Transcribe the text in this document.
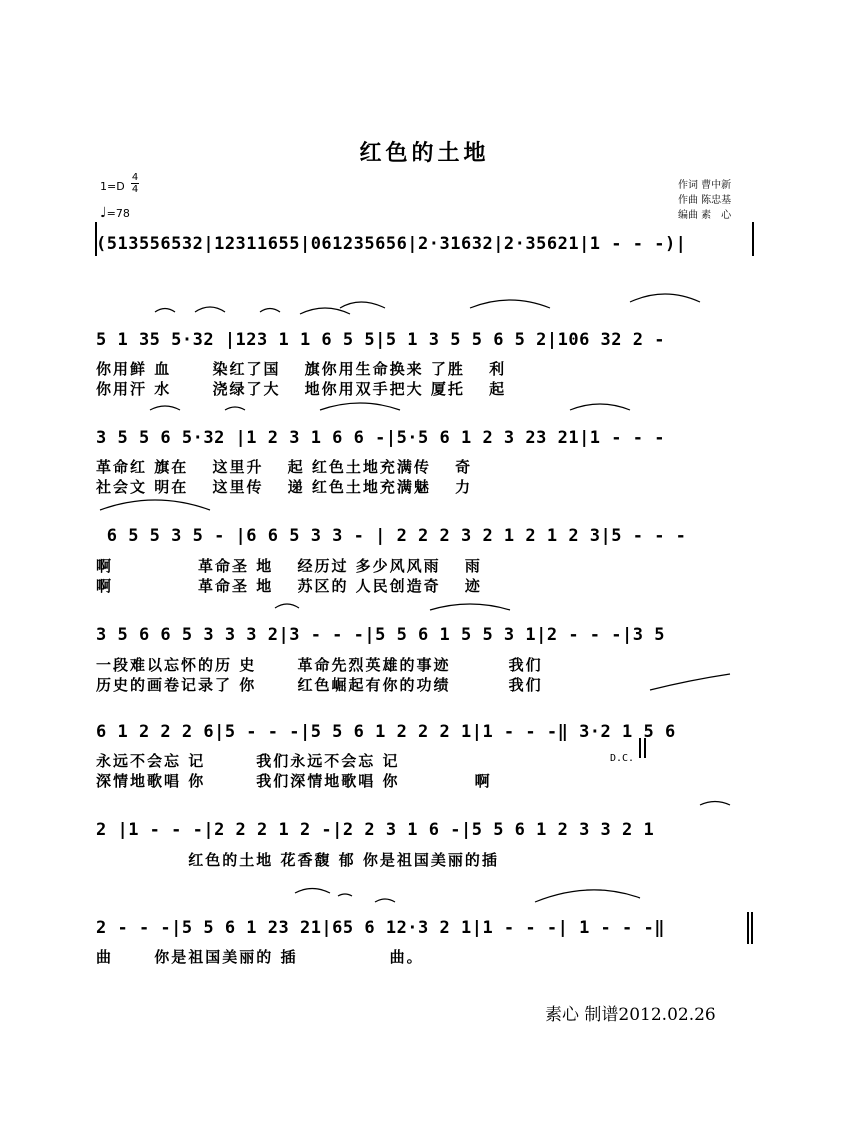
红色的土地
1=D
4
4
♩=78
作词 曹中新
作曲 陈忠基
编曲 素　心
(513556532|12311655|061235656|2·31632|2·35621|1 - - -)|
5 1 35 5·32 |123 1 1 6 5 5|5 1 3 5 5 6 5 2|106 32 2 -
你用鲜 血　　 染红了国　 旗你用生命换来 了胜　 利
你用汗 水　　 浇绿了大　 地你用双手把大 厦托　 起
3 5 5 6 5·32 |1 2 3 1 6 6 -|5·5 6 1 2 3 23 21|1 - - -
革命红 旗在　 这里升　 起 红色土地充满传　 奇
社会文 明在　 这里传　 递 红色土地充满魅　 力
6 5 5 3 5 - |6 6 5 3 3 - | 2 2 2 3 2 1 2 1 2 3|5 - - -
啊　　　　　革命圣 地　 经历过 多少风风雨　 雨
啊　　　　　革命圣 地　 苏区的 人民创造奇　 迹
3 5 6 6 5 3 3 3 2|3 - - -|5 5 6 1 5 5 3 1|2 - - -|3 5
一段难以忘怀的历 史　　 革命先烈英雄的事迹　　　 我们
历史的画卷记录了 你　　 红色崛起有你的功绩　　　 我们
6 1 2 2 2 6|5 - - -|5 5 6 1 2 2 2 1|1 - - -‖ 3·2 1 5 6
D.C.
永远不会忘 记　　　我们永远不会忘 记
深情地歌唱 你　　　我们深情地歌唱 你　　　　 啊
2 |1 - - -|2 2 2 1 2 -|2 2 3 1 6 -|5 5 6 1 2 3 3 2 1
　　　　　 红色的土地 花香馥 郁 你是祖国美丽的插
2 - - -|5 5 6 1 23 21|65 6 12·3 2 1|1 - - -| 1 - - -‖
曲　　 你是祖国美丽的 插　　　　　 曲。
素心 制谱2012.02.26
